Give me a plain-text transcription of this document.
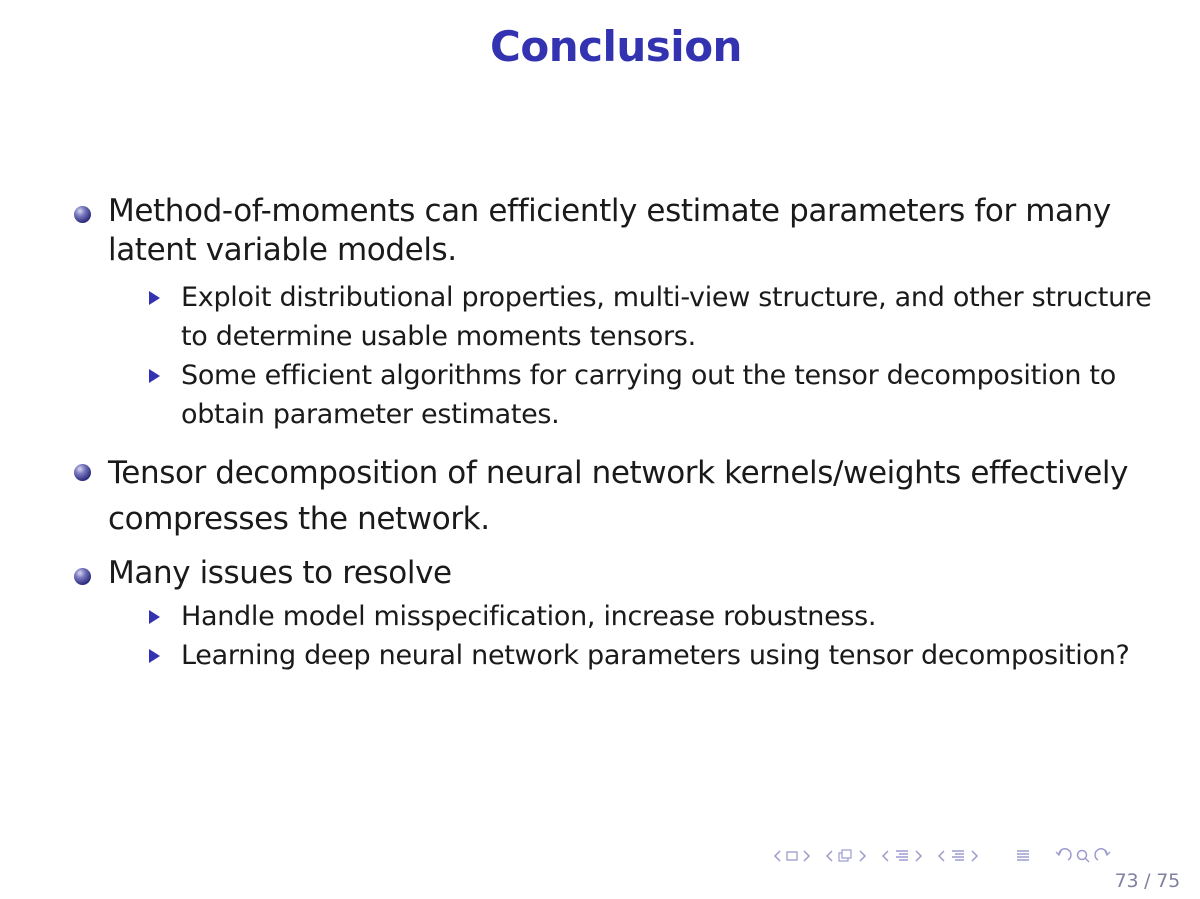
Conclusion
Method-of-moments can efficiently estimate parameters for many latent variable models.
Exploit distributional properties, multi-view structure, and other structure to determine usable moments tensors.
Some efficient algorithms for carrying out the tensor decomposition to obtain parameter estimates.
Tensor decomposition of neural network kernels/weights effectively compresses the network.
Many issues to resolve
Handle model misspecification, increase robustness.
Learning deep neural network parameters using tensor decomposition?
73 / 75
